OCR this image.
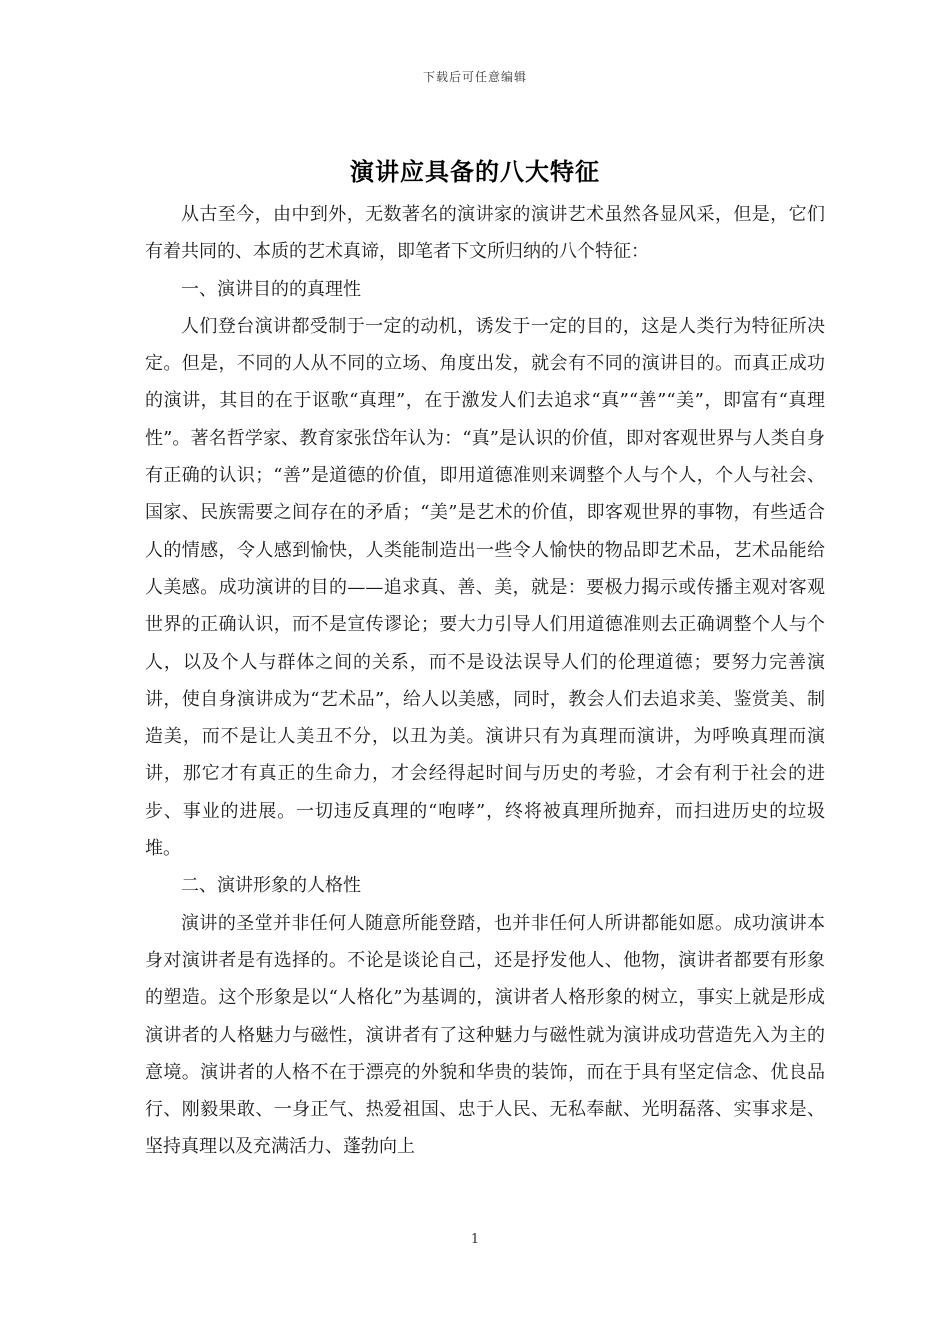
下载后可任意编辑
演讲应具备的八大特征

从古至今，由中到外，无数著名的演讲家的演讲艺术虽然各显风采，但是，它们有着共同的、本质的艺术真谛，即笔者下文所归纳的八个特征：

一、演讲目的的真理性

人们登台演讲都受制于一定的动机，诱发于一定的目的，这是人类行为特征所决定。但是，不同的人从不同的立场、角度出发，就会有不同的演讲目的。而真正成功的演讲，其目的在于讴歌“真理”，在于激发人们去追求“真”“善”“美”，即富有“真理性”。著名哲学家、教育家张岱年认为：“真”是认识的价值，即对客观世界与人类自身有正确的认识；“善”是道德的价值，即用道德准则来调整个人与个人，个人与社会、国家、民族需要之间存在的矛盾；“美”是艺术的价值，即客观世界的事物，有些适合人的情感，令人感到愉快，人类能制造出一些令人愉快的物品即艺术品，艺术品能给人美感。成功演讲的目的——追求真、善、美，就是：要极力揭示或传播主观对客观世界的正确认识，而不是宣传谬论；要大力引导人们用道德准则去正确调整个人与个人，以及个人与群体之间的关系，而不是设法误导人们的伦理道德；要努力完善演讲，使自身演讲成为“艺术品”，给人以美感，同时，教会人们去追求美、鉴赏美、制造美，而不是让人美丑不分，以丑为美。演讲只有为真理而演讲，为呼唤真理而演讲，那它才有真正的生命力，才会经得起时间与历史的考验，才会有利于社会的进步、事业的进展。一切违反真理的“咆哮”，终将被真理所抛弃，而扫进历史的垃圾堆。

二、演讲形象的人格性

演讲的圣堂并非任何人随意所能登踏，也并非任何人所讲都能如愿。成功演讲本身对演讲者是有选择的。不论是谈论自己，还是抒发他人、他物，演讲者都要有形象的塑造。这个形象是以“人格化”为基调的，演讲者人格形象的树立，事实上就是形成演讲者的人格魅力与磁性，演讲者有了这种魅力与磁性就为演讲成功营造先入为主的意境。演讲者的人格不在于漂亮的外貌和华贵的装饰，而在于具有坚定信念、优良品行、刚毅果敢、一身正气、热爱祖国、忠于人民、无私奉献、光明磊落、实事求是、坚持真理以及充满活力、蓬勃向上

1
